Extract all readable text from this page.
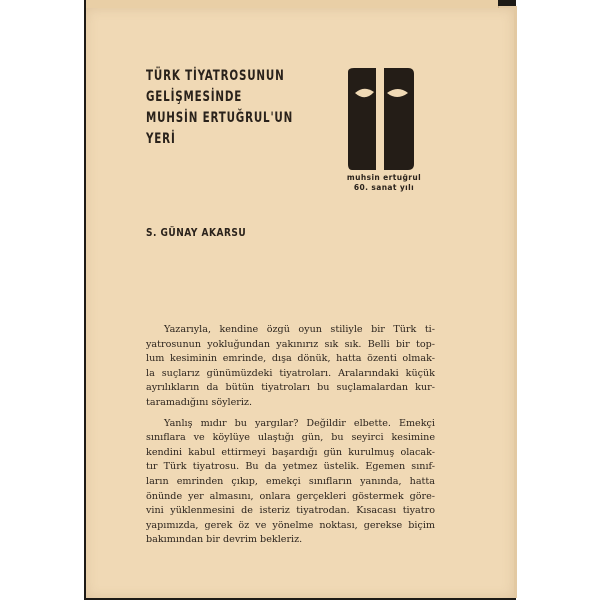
TÜRK TİYATROSUNUN
GELİŞMESİNDE
MUHSİN ERTUĞRUL'UN
YERİ
muhsin ertuğrul
60. sanat yılı
S. GÜNAY AKARSU

Yazarıyla, kendine özgü oyun stiliyle bir Türk ti-
yatrosunun yokluğundan yakınırız sık sık. Belli bir top-
lum kesiminin emrinde, dışa dönük, hatta özenti olmak-
la suçlarız günümüzdeki tiyatroları. Aralarındaki küçük
ayrılıkların da bütün tiyatroları bu suçlamalardan kur-
taramadığını söyleriz.

Yanlış mıdır bu yargılar? Değildir elbette. Emekçi
sınıflara ve köylüye ulaştığı gün, bu seyirci kesimine
kendini kabul ettirmeyi başardığı gün kurulmuş olacak-
tır Türk tiyatrosu. Bu da yetmez üstelik. Egemen sınıf-
ların emrinden çıkıp, emekçi sınıfların yanında, hatta
önünde yer almasını, onlara gerçekleri göstermek göre-
vini yüklenmesini de isteriz tiyatrodan. Kısacası tiyatro
yapımızda, gerek öz ve yönelme noktası, gerekse biçim
bakımından bir devrim bekleriz.
